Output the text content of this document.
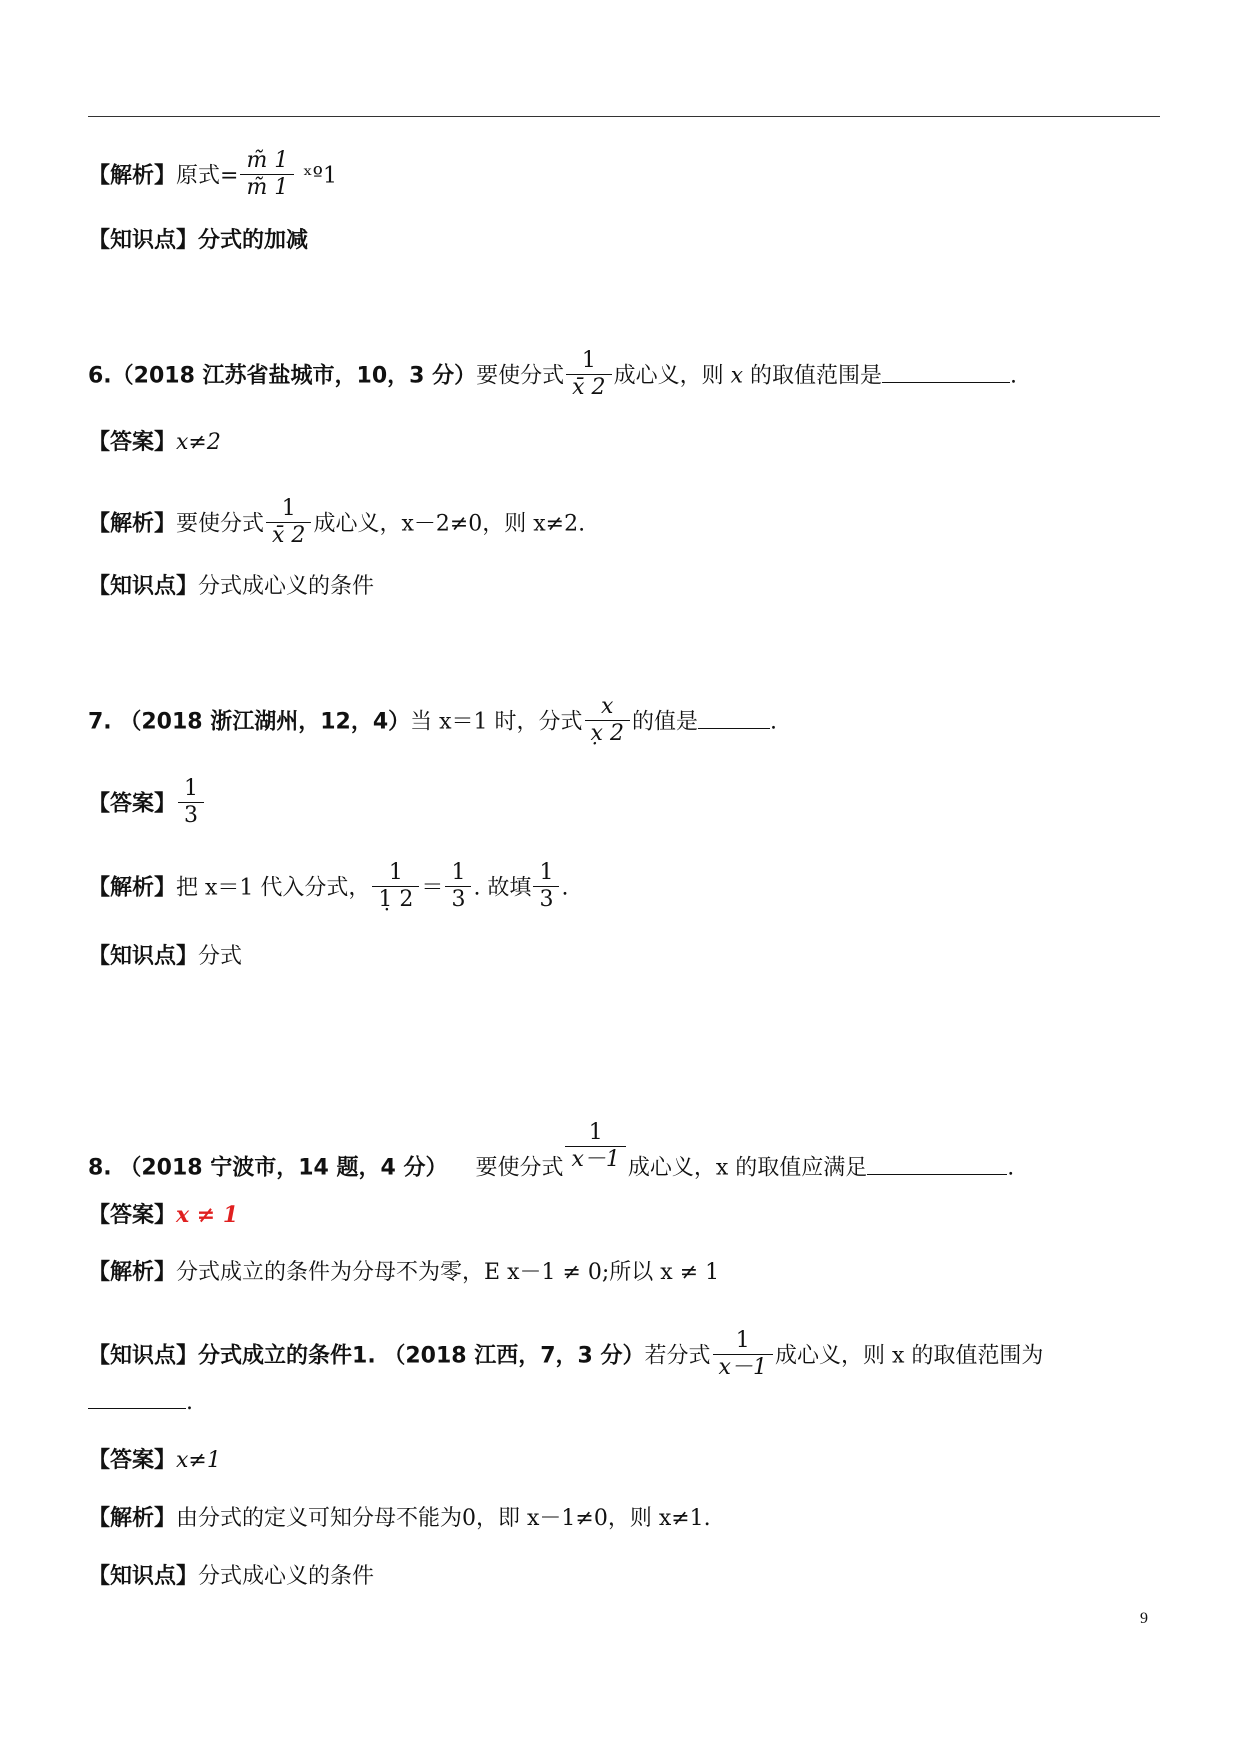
【解析】原式= $\frac{m̃ 1}{m̃ 1}$ ˣº1
【知识点】分式的加减
6.（2018 江苏省盐城市，10，3 分）要使分式 $\frac{1}{x̄ 2}$ 成心义，则 x 的取值范围是	.
【答案】x≠2
【解析】要使分式 $\frac{1}{x̄ 2}$ 成心义，x－2≠0，则 x≠2.
【知识点】分式成心义的条件
7. （2018 浙江湖州，12，4）当 x＝1 时，分式 $\frac{x}{x̣ 2}$ 的值是	.
【答案】 $\frac{1}{3}$
【解析】把 x＝1 代入分式， $\frac{1}{1̣ 2} = \frac{1}{3}$ . 故填 $\frac{1}{3}$ .
【知识点】分式
8. （2018 宁波市，14 题，4 分） 要使分式 $\frac{1}{x-1}$ 成心义，x 的取值应满足	.
【答案】x ≠ 1
【解析】分式成立的条件为分母不为零，E x－1 ≠ 0;所以 x ≠ 1
【知识点】分式成立的条件1. （2018 江西，7，3 分）若分式 $\frac{1}{x-1}$ 成心义，则 x 的取值范围为
.
【答案】x≠1
【解析】由分式的定义可知分母不能为0，即 x－1≠0，则 x≠1.
【知识点】分式成心义的条件
9
